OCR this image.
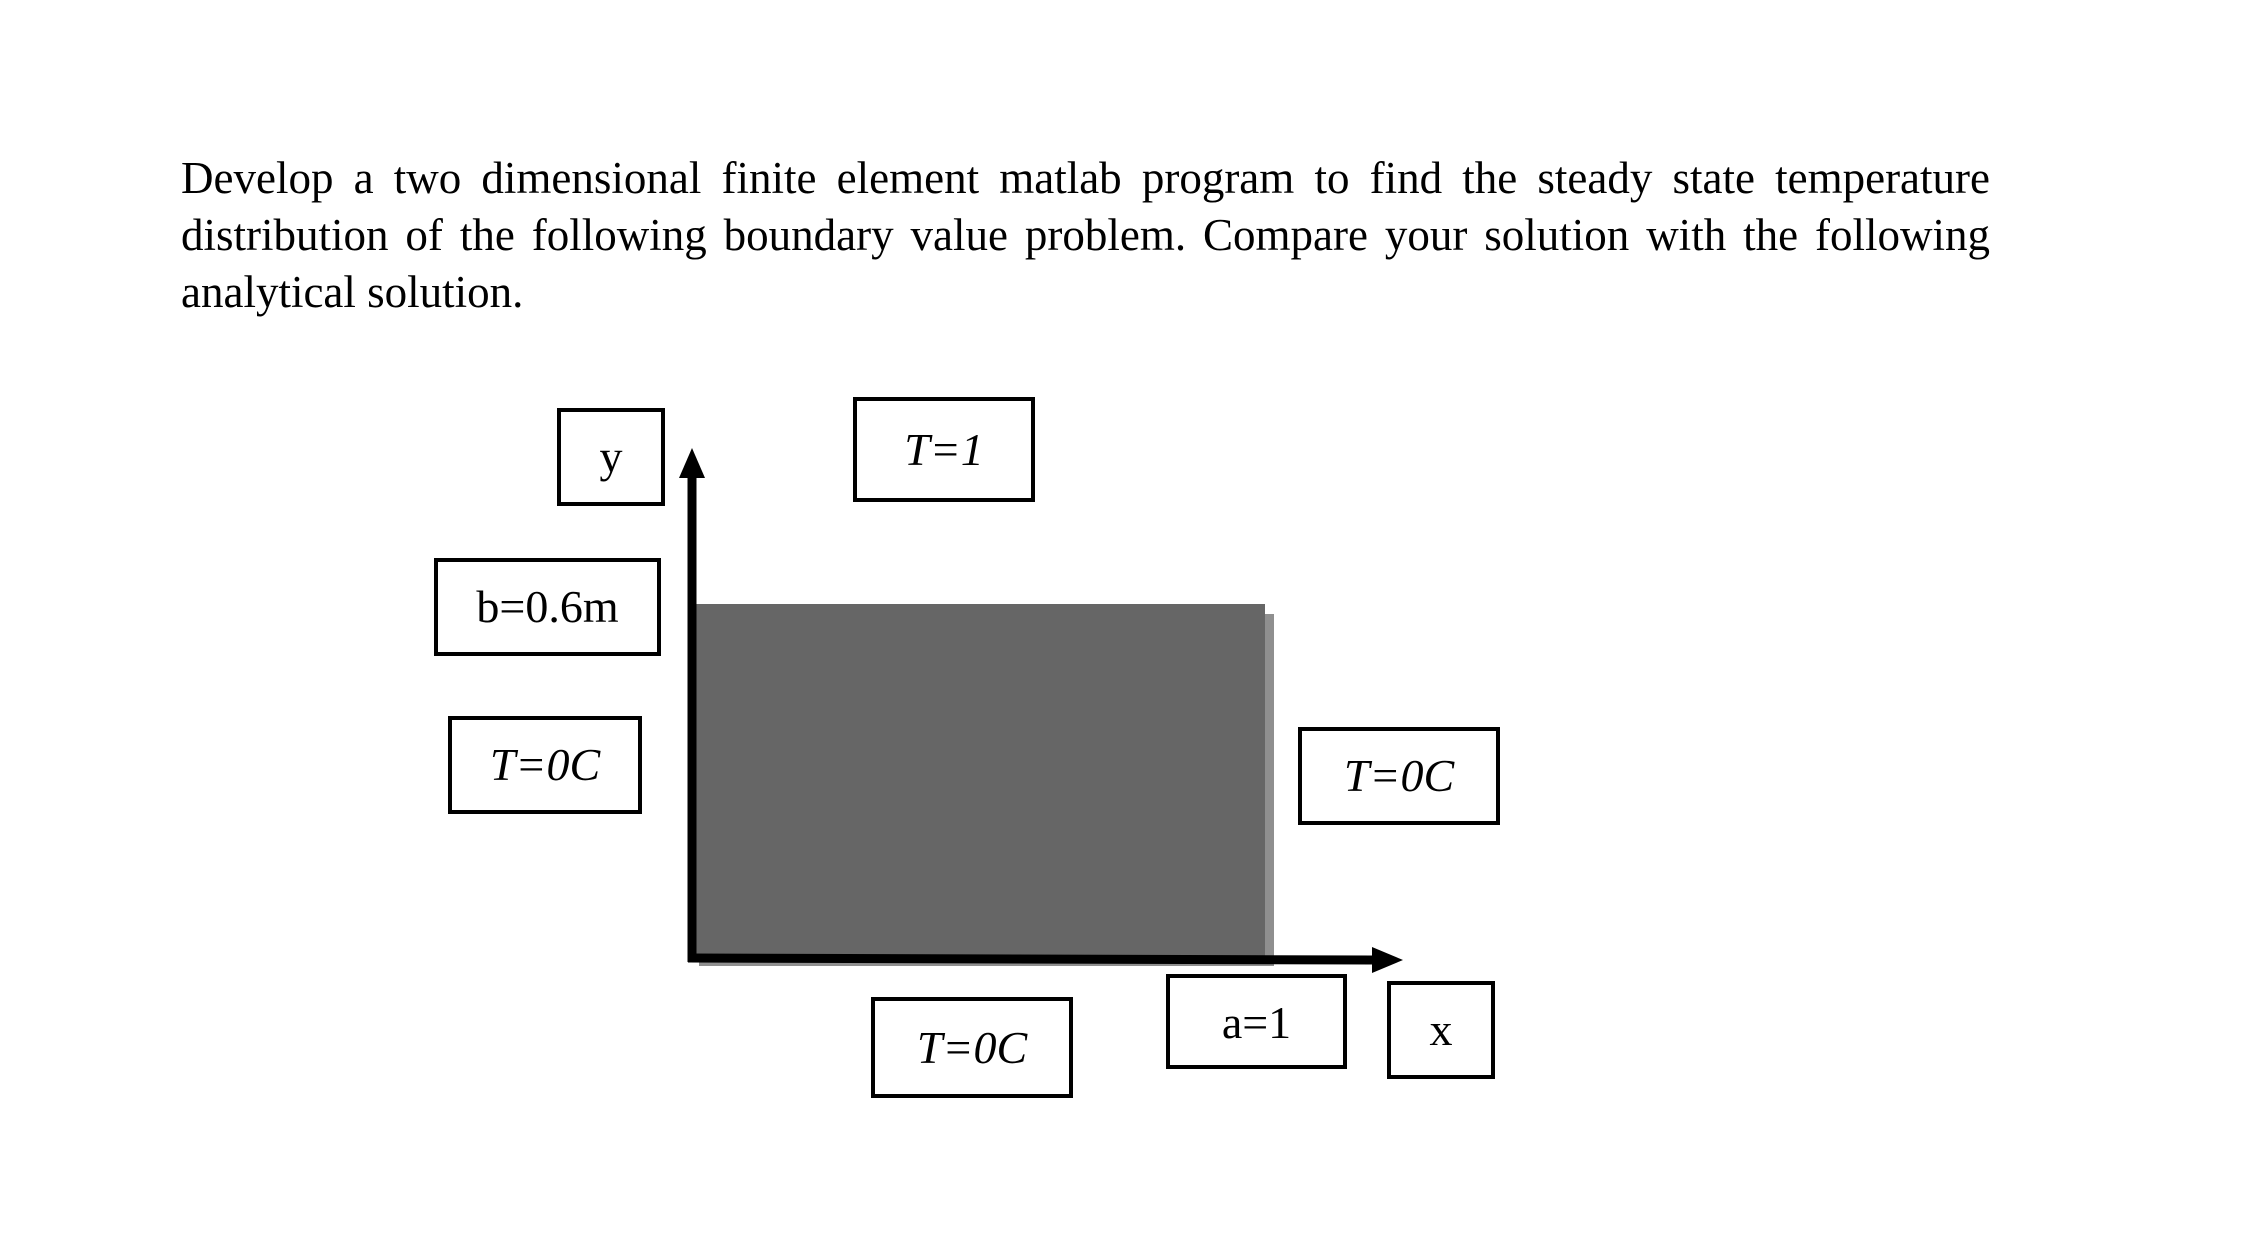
Develop a two dimensional finite element matlab program to find the steady state temperature distribution of the following boundary value problem. Compare your solution with the following analytical solution.

y	T=1
b=0.6m
T=0C	T=0C
T=0C	a=1	x
